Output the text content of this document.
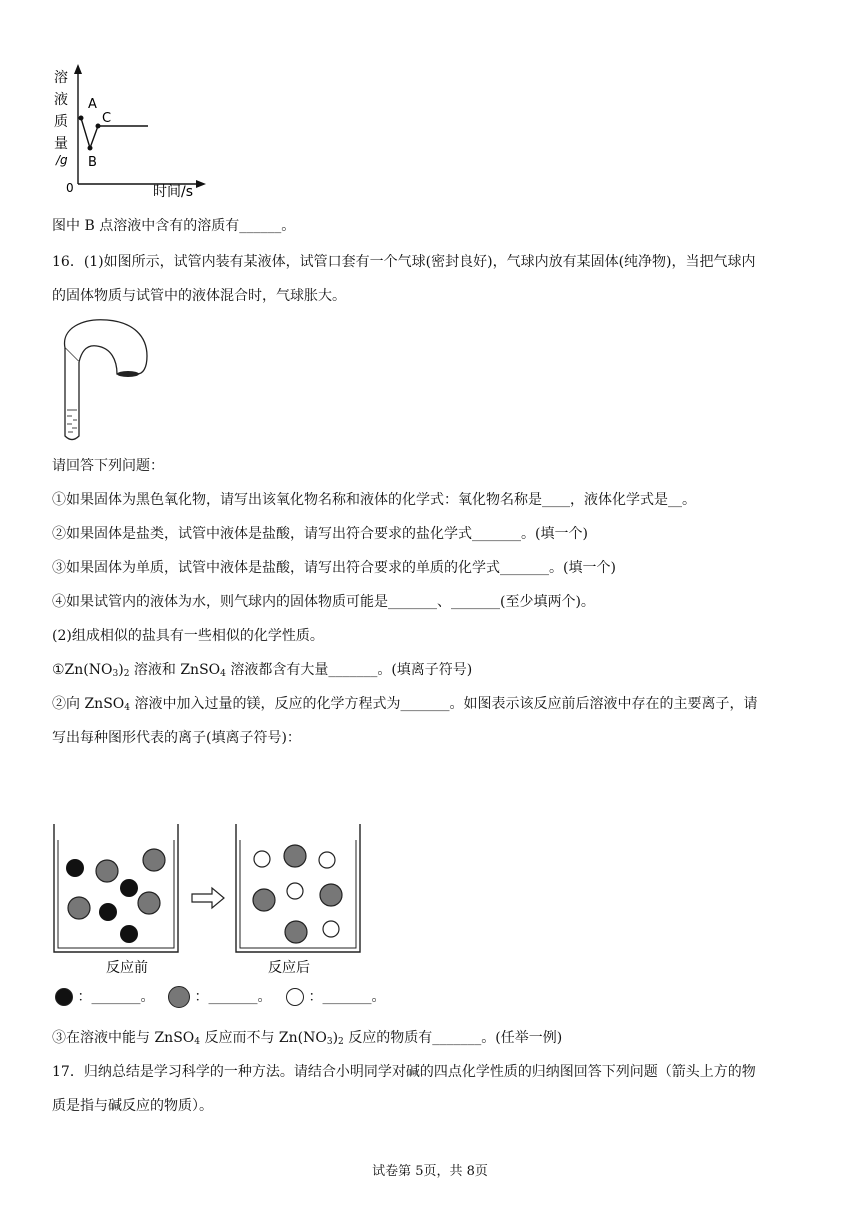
溶
液
质
量
/g
0	时间/s
A
B
C
图中 B 点溶液中含有的溶质有______。
16．(1)如图所示，试管内装有某液体，试管口套有一个气球(密封良好)，气球内放有某固体(纯净物)，当把气球内
的固体物质与试管中的液体混合时，气球胀大。
请回答下列问题：
①如果固体为黑色氧化物，请写出该氧化物名称和液体的化学式：氧化物名称是____，液体化学式是__。
②如果固体是盐类，试管中液体是盐酸，请写出符合要求的盐化学式_______。(填一个)
③如果固体为单质，试管中液体是盐酸，请写出符合要求的单质的化学式_______。(填一个)
④如果试管内的液体为水，则气球内的固体物质可能是_______、_______(至少填两个)。
(2)组成相似的盐具有一些相似的化学性质。
$①Zn(NO_3)_2$ 溶液和 ZnSO$_4$ 溶液都含有大量_______。(填离子符号)
②向 ZnSO$_4$ 溶液中加入过量的镁，反应的化学方程式为_______。如图表示该反应前后溶液中存在的主要离子，请
写出每种图形代表的离子(填离子符号)：
反应前	反应后
：_______。	：_______。	：_______。
③在溶液中能与 ZnSO$_4$ 反应而不与 $Zn(NO_3)_2$ 反应的物质有_______。(任举一例)
17．归纳总结是学习科学的一种方法。请结合小明同学对碱的四点化学性质的归纳图回答下列问题（箭头上方的物
质是指与碱反应的物质）。
试卷第 5页，共 8页
